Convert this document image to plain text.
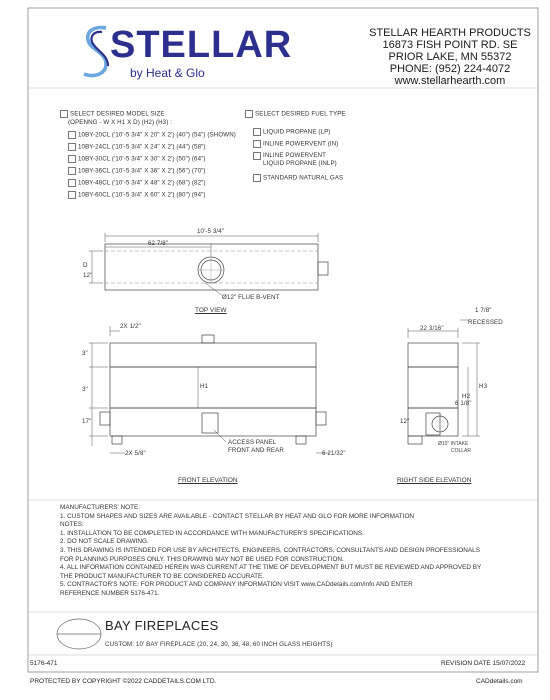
STELLAR
by Heat & Glo
STELLAR HEARTH PRODUCTS
16873 FISH POINT RD. SE
PRIOR LAKE, MN 55372
PHONE: (952) 224-4072
www.stellarhearth.com
SELECT DESIRED MODEL SIZE
(OPENNG - W X H1 X D) (H2) (H3) :
10BY-20CL ('10'-5 3/4" X 20" X 2') (40") (54") (SHOWN)
10BY-24CL ('10'-5 3/4" X 24" X 2') (44") (58")
10BY-30CL ('10'-5 3/4" X 30" X 2') (50") (64")
10BY-36CL ('10'-5 3/4" X 36" X 2') (56") (70")
10BY-48CL ('10'-5 3/4" X 48" X 2') (68") (82")
10BY-60CL ('10'-5 3/4" X 60" X 2') (80") (94")
SELECT DESIRED FUEL TYPE
LIQUID PROPANE (LP)
INLINE POWERVENT (IN)
INLINE POWERVENT
LIQUID PROPANE (INLP)
STANDARD NATURAL GAS
10'-5 3/4"
62 7/8"
D
12"
Ø12" FLUE B-VENT
TOP VIEW
2X 1/2"
3"
3"
17"
H1
ACCESS PANEL
FRONT AND REAR
2X 5/8"	6 21/32"
FRONT ELEVATION
22 3/16"
1 7/8"
RECESSED
H3
H2
6 1/8"
12"
Ø10" INTAKE
COLLAR
RIGHT SIDE ELEVATION
MANUFACTURERS' NOTE:
1. CUSTOM SHAPES AND SIZES ARE AVAILABLE - CONTACT STELLAR BY HEAT AND GLO FOR MORE INFORMATION
NOTES:
1. INSTALLATION TO BE COMPLETED IN ACCORDANCE WITH MANUFACTURER'S SPECIFICATIONS.
2. DO NOT SCALE DRAWING.
3. THIS DRAWING IS INTENDED FOR USE BY ARCHITECTS, ENGINEERS, CONTRACTORS, CONSULTANTS AND DESIGN PROFESSIONALS
FOR PLANNING PURPOSES ONLY. THIS DRAWING MAY NOT BE USED FOR CONSTRUCTION.
4. ALL INFORMATION CONTAINED HEREIN WAS CURRENT AT THE TIME OF DEVELOPMENT BUT MUST BE REVIEWED AND APPROVED BY
THE PRODUCT MANUFACTURER TO BE CONSIDERED ACCURATE.
5. CONTRACTOR'S NOTE: FOR PRODUCT AND COMPANY INFORMATION VISIT www.CADdetails.com/info AND ENTER
REFERENCE NUMBER 5176-471.
BAY FIREPLACES
CUSTOM: 10' BAY FIREPLACE (20, 24, 30, 36, 48, 60 INCH GLASS HEIGHTS)
5176-471	REVISION DATE 15/07/2022
PROTECTED BY COPYRIGHT ©2022 CADDETAILS.COM LTD.	CADdetails.com
